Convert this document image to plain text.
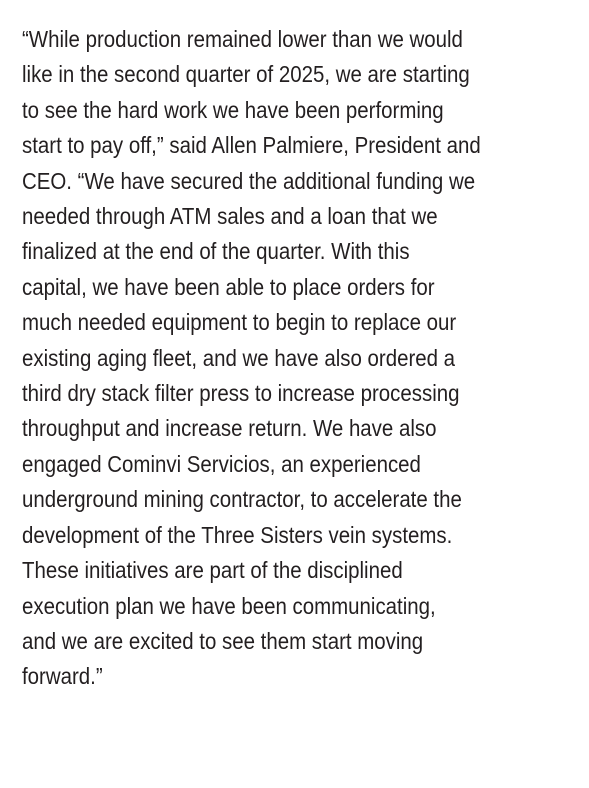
“While production remained lower than we would
like in the second quarter of 2025, we are starting
to see the hard work we have been performing
start to pay off,” said Allen Palmiere, President and
CEO. “We have secured the additional funding we
needed through ATM sales and a loan that we
finalized at the end of the quarter. With this
capital, we have been able to place orders for
much needed equipment to begin to replace our
existing aging fleet, and we have also ordered a
third dry stack filter press to increase processing
throughput and increase return. We have also
engaged Cominvi Servicios, an experienced
underground mining contractor, to accelerate the
development of the Three Sisters vein systems.
These initiatives are part of the disciplined
execution plan we have been communicating,
and we are excited to see them start moving
forward.”
